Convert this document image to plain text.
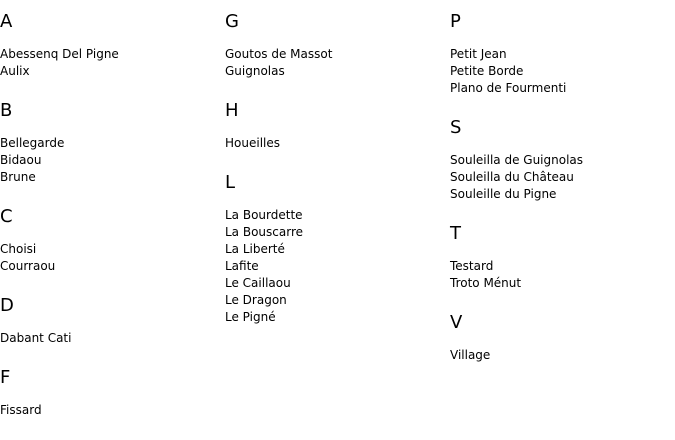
A
Abessenq Del Pigne
Aulix
B
Bellegarde
Bidaou
Brune
C
Choisi
Courraou
D
Dabant Cati
F
Fissard
G
Goutos de Massot
Guignolas
H
Houeilles
L
La Bourdette
La Bouscarre
La Liberté
Lafite
Le Caillaou
Le Dragon
Le Pigné
P
Petit Jean
Petite Borde
Plano de Fourmenti
S
Souleilla de Guignolas
Souleilla du Château
Souleille du Pigne
T
Testard
Troto Ménut
V
Village
